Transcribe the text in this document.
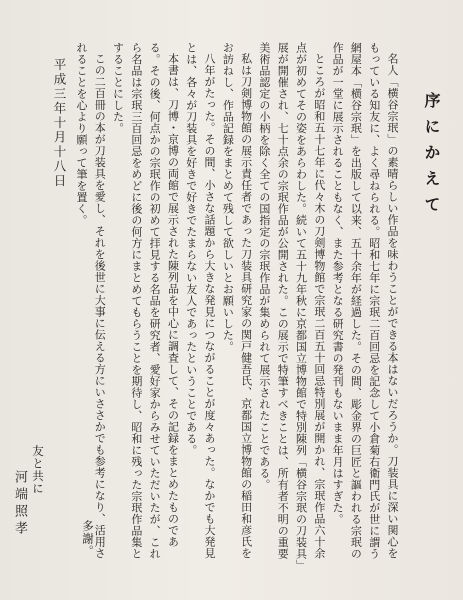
序にかえて

名人「横谷宗珉」の素晴らしい作品を味わうことができる本はないだろうか。刀装具に深い関心をもっている知友に、よく尋ねられる。昭和七年に宗珉二百回忌を記念して小倉菊右衛門氏が世に謂う網屋本「横谷宗珉」を出版して以来、五十余年が経過した。その間、彫金界の巨匠と謳われる宗珉の作品が一堂に展示されることもなく、また参考となる研究書の発刊もないまま年月はすぎた。

ところが昭和五十七年に代々木の刀剣博物館で宗珉二百五十回忌特別展が開かれ、宗珉作品六十余点が初めてその姿をあらわした。続いて五十九年秋に京都国立博物館で特別陳列「横谷宗珉の刀装具」展が開催され、七十点余の宗珉作品が公開された。この展示で特筆すべきことは、所有者不明の重要美術品認定の小柄を除く全ての国指定の宗珉作品が集められて展示されたことである。

私は刀剣博物館の展示責任者であった刀装具研究家の関戸健吾氏、京都国立博物館の稲田和彦氏をお訪ねし、作品記録をまとめて残して欲しいとお願いした。

八年がたった。その間、小さな話題から大きな発見につながることが度々あった。なかでも大発見とは、各々が刀装具を好きで好きでたまらない友人であったということである。

本書は、刀博・京博の両館で展示された陳列品を中心に調査して、その記録をまとめたものである。その後、何点かの宗珉作の初めて拝見する名品を研究者、愛好家からみせていただいたが、これら名品は宗珉三百回忌をめどに後の何方にまとめてもらうことを期待し、昭和に残った宗珉作品集とすることにした。

この二百冊の本が刀装具を愛し、それを後世に大事に伝える方にいささかでも参考になり、活用されることを心より願って筆を置く。

多謝。
平成三年十月十八日
友と共に
河端照孝
